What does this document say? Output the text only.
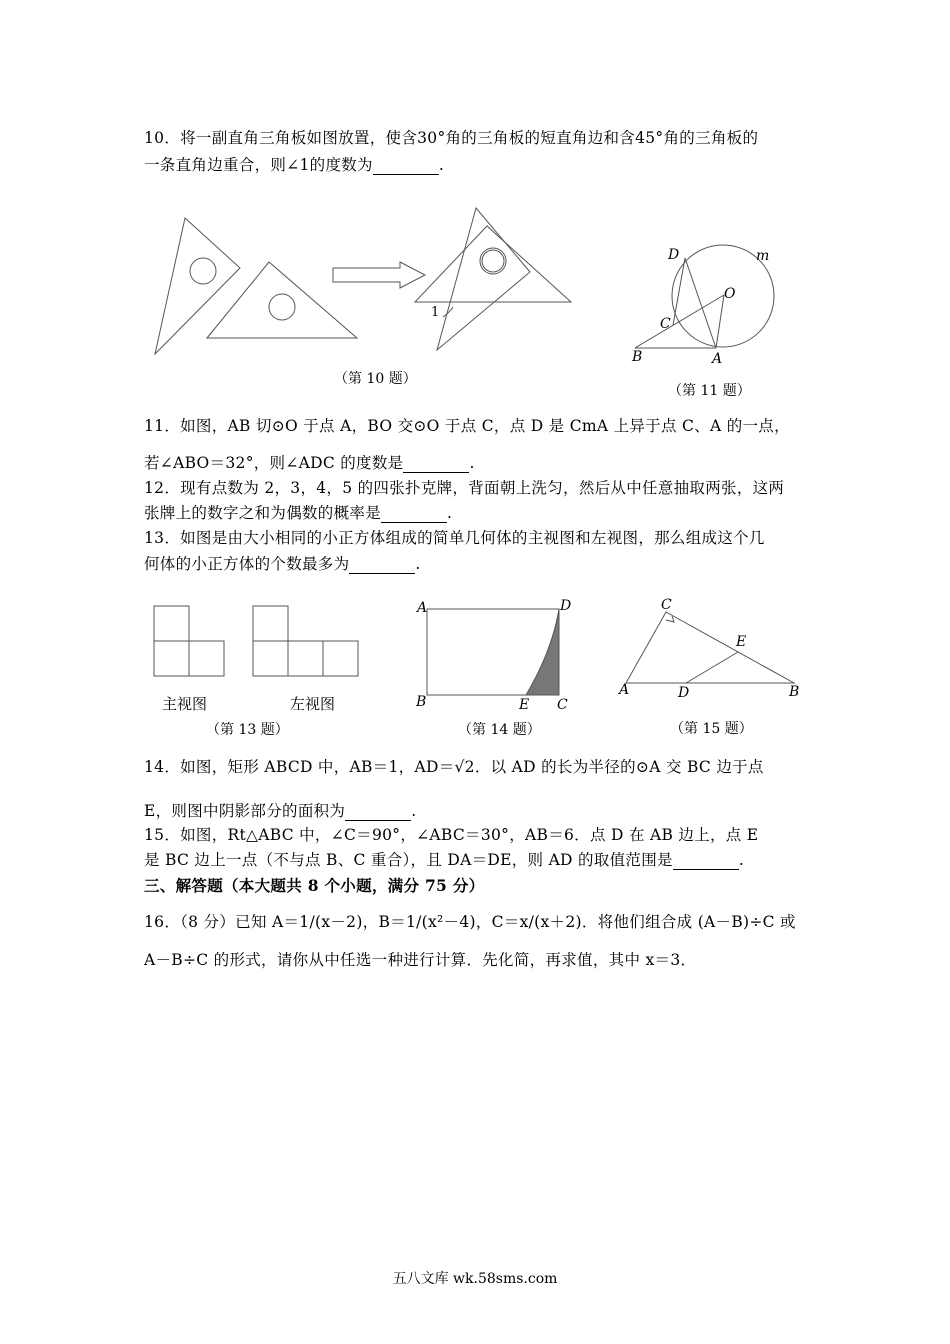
10．将一副直角三角板如图放置，使含30°角的三角板的短直角边和含45°角的三角板的
一条直角边重合，则∠1的度数为	.
1
（第 10 题）
D	m
O
C
B	A
（第 11 题）
11．如图，AB 切⊙O 于点 A，BO 交⊙O 于点 C，点 D 是 CmA 上异于点 C、A 的一点，
若∠ABO＝32°，则∠ADC 的度数是	.
12．现有点数为 2，3，4，5 的四张扑克牌，背面朝上洗匀，然后从中任意抽取两张，这两
张牌上的数字之和为偶数的概率是	.
13．如图是由大小相同的小正方体组成的简单几何体的主视图和左视图，那么组成这个几
何体的小正方体的个数最多为	.
主视图	左视图
（第 13 题）
A	D
B	E C
（第 14 题）
C
E
A	D	B
（第 15 题）
14．如图，矩形 ABCD 中，AB＝1，AD＝√2．以 AD 的长为半径的⊙A 交 BC 边于点
E，则图中阴影部分的面积为	.
15．如图，Rt△ABC 中，∠C＝90°，∠ABC＝30°，AB＝6．点 D 在 AB 边上，点 E
是 BC 边上一点（不与点 B、C 重合），且 DA＝DE，则 AD 的取值范围是	.
三、解答题（本大题共 8 个小题，满分 75 分）
16．（8 分）已知 A＝1/(x－2)，B＝1/(x²－4)，C＝x/(x＋2)．将他们组合成 (A－B)÷C 或
A－B÷C 的形式，请你从中任选一种进行计算．先化简，再求值，其中 x＝3．
五八文库 wk.58sms.com
